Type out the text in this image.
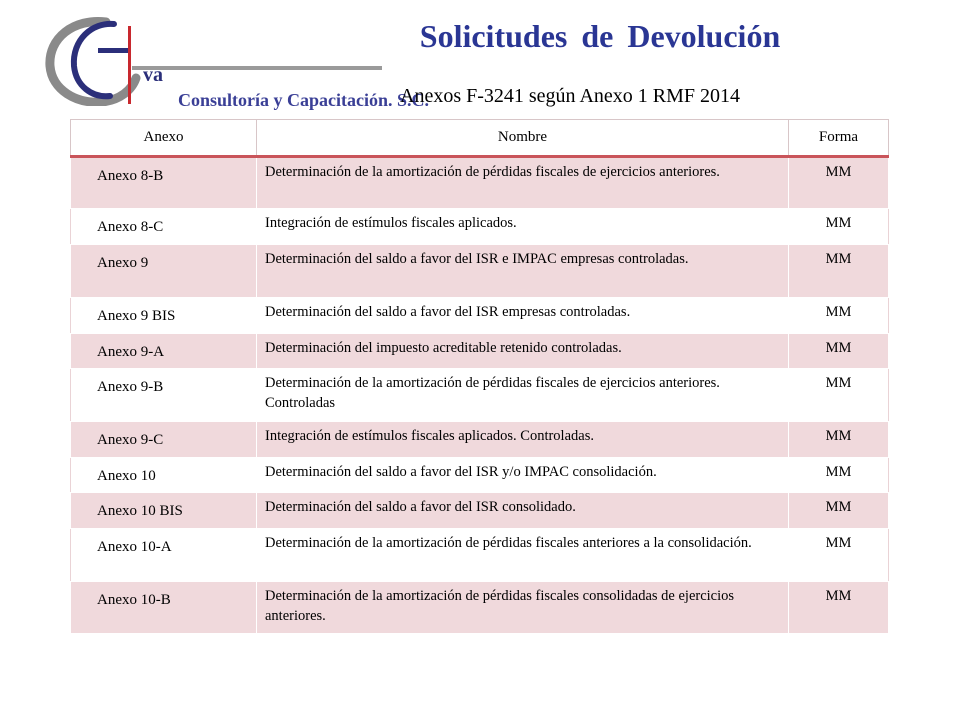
va
Consultoría y Capacitación. S.C.
Solicitudes de Devolución
Anexos F-3241 según Anexo 1 RMF 2014
Anexo	Nombre	Forma
Anexo 8-B	Determinación de la amortización de pérdidas fiscales de ejercicios anteriores.	MM
Anexo 8-C	Integración de estímulos fiscales aplicados.	MM
Anexo 9	Determinación del saldo a favor del ISR e IMPAC empresas controladas.	MM
Anexo 9 BIS	Determinación del saldo a favor del ISR empresas controladas.	MM
Anexo 9-A	Determinación del impuesto acreditable retenido controladas.	MM
Anexo 9-B	Determinación de la amortización de pérdidas fiscales de ejercicios anteriores. Controladas	MM
Anexo 9-C	Integración de estímulos fiscales aplicados. Controladas.	MM
Anexo 10	Determinación del saldo a favor del ISR y/o IMPAC consolidación.	MM
Anexo 10 BIS	Determinación del saldo a favor del ISR consolidado.	MM
Anexo 10-A	Determinación de la amortización de pérdidas fiscales anteriores a la consolidación.	MM
Anexo 10-B	Determinación de la amortización de pérdidas fiscales consolidadas de ejercicios anteriores.	MM
